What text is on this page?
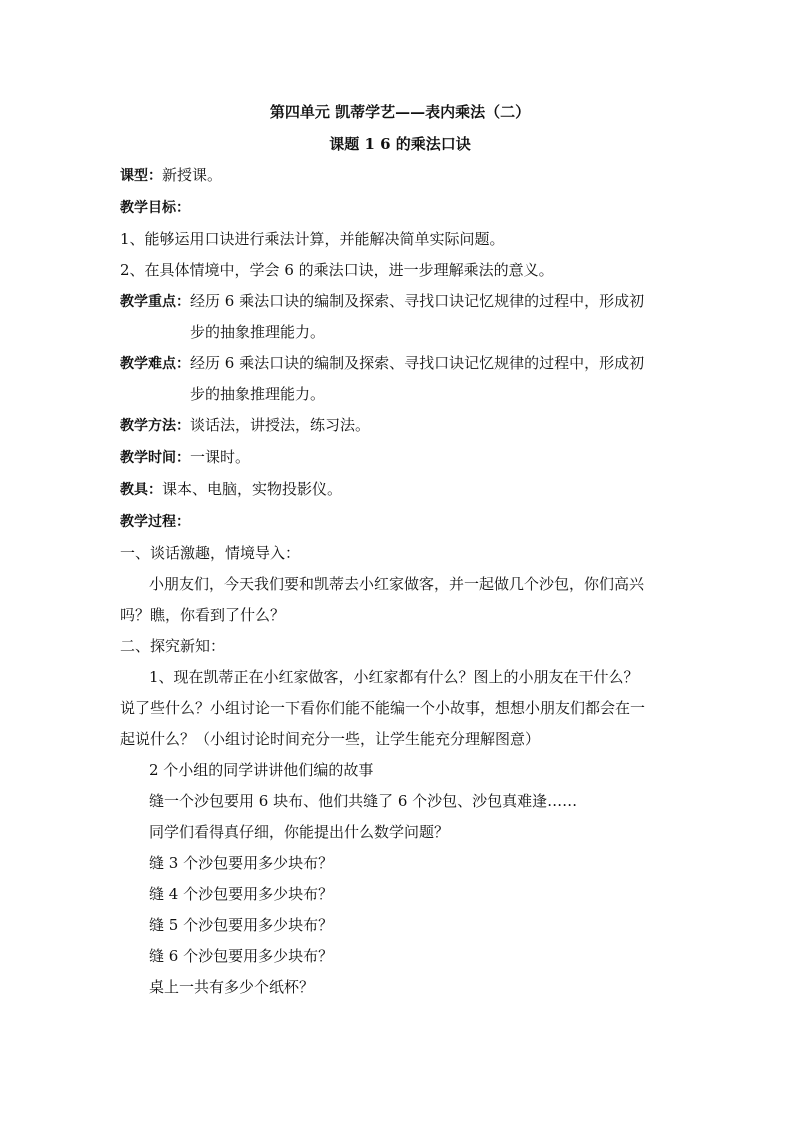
第四单元 凯蒂学艺——表内乘法（二）
课题 1 6 的乘法口诀
课型：新授课。
教学目标：
1、能够运用口诀进行乘法计算，并能解决简单实际问题。
2、在具体情境中，学会 6 的乘法口诀，进一步理解乘法的意义。
教学重点： 经历 6 乘法口诀的编制及探索、寻找口诀记忆规律的过程中，形成初
步的抽象推理能力。
教学难点： 经历 6 乘法口诀的编制及探索、寻找口诀记忆规律的过程中，形成初
步的抽象推理能力。
教学方法：谈话法，讲授法，练习法。
教学时间：一课时。
教具：课本、电脑，实物投影仪。
教学过程：
一、谈话激趣，情境导入：
小朋友们，今天我们要和凯蒂去小红家做客，并一起做几个沙包，你们高兴
吗？瞧，你看到了什么？
二、探究新知：
1、现在凯蒂正在小红家做客，小红家都有什么？图上的小朋友在干什么？
说了些什么？小组讨论一下看你们能不能编一个小故事，想想小朋友们都会在一
起说什么？（小组讨论时间充分一些，让学生能充分理解图意）
2 个小组的同学讲讲他们编的故事
缝一个沙包要用 6 块布、他们共缝了 6 个沙包、沙包真难逢……
同学们看得真仔细，你能提出什么数学问题？
缝 3 个沙包要用多少块布？
缝 4 个沙包要用多少块布？
缝 5 个沙包要用多少块布？
缝 6 个沙包要用多少块布？
桌上一共有多少个纸杯？
